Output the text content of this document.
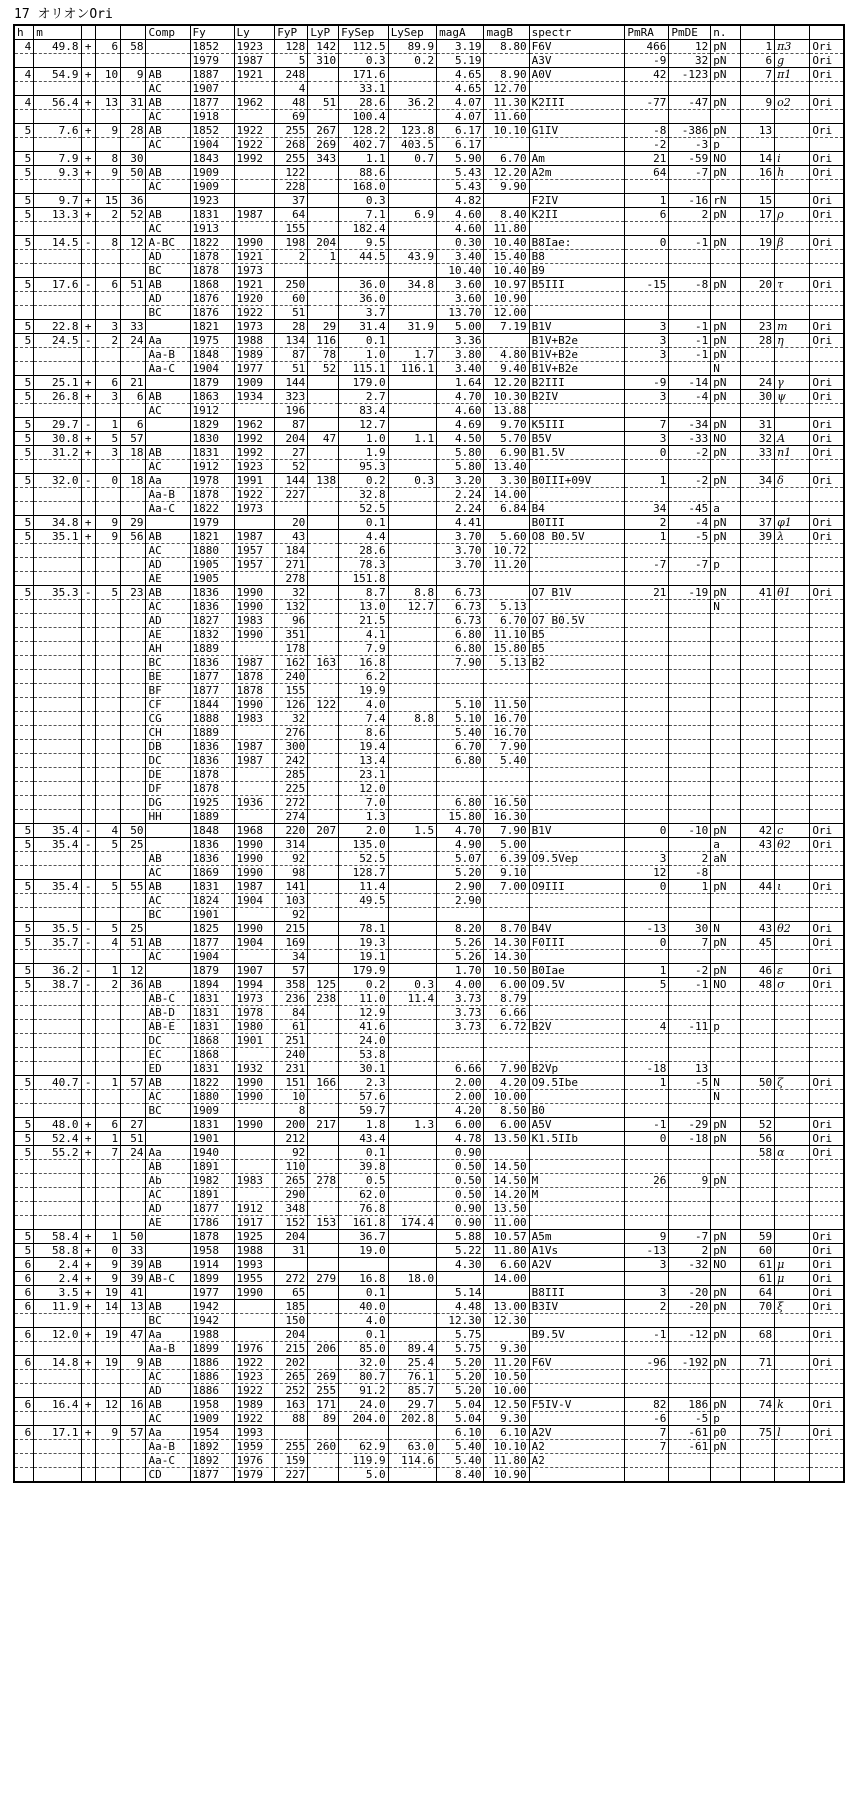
17 オリオンOri
h	m				Comp	Fy	Ly	FyP	LyP	FySep	LySep	magA	magB	spectr	PmRA	PmDE	n.			
4	49.8	+	6	58		1852	1923	128	142	112.5	89.9	3.19	8.80	F6V	466	12	pN	1	π3	Ori
						1979	1987	5	310	0.3	0.2	5.19		A3V	-9	32	pN	6	g	Ori
4	54.9	+	10	9	AB	1887	1921	248		171.6		4.65	8.90	A0V	42	-123	pN	7	π1	Ori
					AC	1907		4		33.1		4.65	12.70							
4	56.4	+	13	31	AB	1877	1962	48	51	28.6	36.2	4.07	11.30	K2III	-77	-47	pN	9	ο2	Ori
					AC	1918		69		100.4		4.07	11.60							
5	7.6	+	9	28	AB	1852	1922	255	267	128.2	123.8	6.17	10.10	G1IV	-8	-386	pN	13		Ori
					AC	1904	1922	268	269	402.7	403.5	6.17			-2	-3	p			
5	7.9	+	8	30		1843	1992	255	343	1.1	0.7	5.90	6.70	Am	21	-59	NO	14	i	Ori
5	9.3	+	9	50	AB	1909		122		88.6		5.43	12.20	A2m	64	-7	pN	16	h	Ori
					AC	1909		228		168.0		5.43	9.90							
5	9.7	+	15	36		1923		37		0.3		4.82		F2IV	1	-16	rN	15		Ori
5	13.3	+	2	52	AB	1831	1987	64		7.1	6.9	4.60	8.40	K2II	6	2	pN	17	ρ	Ori
					AC	1913		155		182.4		4.60	11.80							
5	14.5	-	8	12	A-BC	1822	1990	198	204	9.5		0.30	10.40	B8Iae:	0	-1	pN	19	β	Ori
					AD	1878	1921	2	1	44.5	43.9	3.40	15.40	B8						
					BC	1878	1973					10.40	10.40	B9						
5	17.6	-	6	51	AB	1868	1921	250		36.0	34.8	3.60	10.97	B5III	-15	-8	pN	20	τ	Ori
					AD	1876	1920	60		36.0		3.60	10.90							
					BC	1876	1922	51		3.7		13.70	12.00							
5	22.8	+	3	33		1821	1973	28	29	31.4	31.9	5.00	7.19	B1V	3	-1	pN	23	m	Ori
5	24.5	-	2	24	Aa	1975	1988	134	116	0.1		3.36		B1V+B2e	3	-1	pN	28	η	Ori
					Aa-B	1848	1989	87	78	1.0	1.7	3.80	4.80	B1V+B2e	3	-1	pN			
					Aa-C	1904	1977	51	52	115.1	116.1	3.40	9.40	B1V+B2e			N			
5	25.1	+	6	21		1879	1909	144		179.0		1.64	12.20	B2III	-9	-14	pN	24	γ	Ori
5	26.8	+	3	6	AB	1863	1934	323		2.7		4.70	10.30	B2IV	3	-4	pN	30	ψ	Ori
					AC	1912		196		83.4		4.60	13.88							
5	29.7	-	1	6		1829	1962	87		12.7		4.69	9.70	K5III	7	-34	pN	31		Ori
5	30.8	+	5	57		1830	1992	204	47	1.0	1.1	4.50	5.70	B5V	3	-33	NO	32	A	Ori
5	31.2	+	3	18	AB	1831	1992	27		1.9		5.80	6.90	B1.5V	0	-2	pN	33	n1	Ori
					AC	1912	1923	52		95.3		5.80	13.40							
5	32.0	-	0	18	Aa	1978	1991	144	138	0.2	0.3	3.20	3.30	B0III+09V	1	-2	pN	34	δ	Ori
					Aa-B	1878	1922	227		32.8		2.24	14.00							
					Aa-C	1822	1973			52.5		2.24	6.84	B4	34	-45	a			
5	34.8	+	9	29		1979		20		0.1		4.41		B0III	2	-4	pN	37	φ1	Ori
5	35.1	+	9	56	AB	1821	1987	43		4.4		3.70	5.60	O8 B0.5V	1	-5	pN	39	λ	Ori
					AC	1880	1957	184		28.6		3.70	10.72							
					AD	1905	1957	271		78.3		3.70	11.20		-7	-7	p			
					AE	1905		278		151.8										
5	35.3	-	5	23	AB	1836	1990	32		8.7	8.8	6.73		O7 B1V	21	-19	pN	41	θ1	Ori
					AC	1836	1990	132		13.0	12.7	6.73	5.13				N			
					AD	1827	1983	96		21.5		6.73	6.70	O7 B0.5V						
					AE	1832	1990	351		4.1		6.80	11.10	B5						
					AH	1889		178		7.9		6.80	15.80	B5						
					BC	1836	1987	162	163	16.8		7.90	5.13	B2						
					BE	1877	1878	240		6.2										
					BF	1877	1878	155		19.9										
					CF	1844	1990	126	122	4.0		5.10	11.50							
					CG	1888	1983	32		7.4	8.8	5.10	16.70							
					CH	1889		276		8.6		5.40	16.70							
					DB	1836	1987	300		19.4		6.70	7.90							
					DC	1836	1987	242		13.4		6.80	5.40							
					DE	1878		285		23.1										
					DF	1878		225		12.0										
					DG	1925	1936	272		7.0		6.80	16.50							
					HH	1889		274		1.3		15.80	16.30							
5	35.4	-	4	50		1848	1968	220	207	2.0	1.5	4.70	7.90	B1V	0	-10	pN	42	c	Ori
5	35.4	-	5	25		1836	1990	314		135.0		4.90	5.00				a	43	θ2	Ori
					AB	1836	1990	92		52.5		5.07	6.39	O9.5Vep	3	2	aN			
					AC	1869	1990	98		128.7		5.20	9.10		12	-8				
5	35.4	-	5	55	AB	1831	1987	141		11.4		2.90	7.00	O9III	0	1	pN	44	ι	Ori
					AC	1824	1904	103		49.5		2.90								
					BC	1901		92												
5	35.5	-	5	25		1825	1990	215		78.1		8.20	8.70	B4V	-13	30	N	43	θ2	Ori
5	35.7	-	4	51	AB	1877	1904	169		19.3		5.26	14.30	F0III	0	7	pN	45		Ori
					AC	1904		34		19.1		5.26	14.30							
5	36.2	-	1	12		1879	1907	57		179.9		1.70	10.50	B0Iae	1	-2	pN	46	ε	Ori
5	38.7	-	2	36	AB	1894	1994	358	125	0.2	0.3	4.00	6.00	O9.5V	5	-1	NO	48	σ	Ori
					AB-C	1831	1973	236	238	11.0	11.4	3.73	8.79							
					AB-D	1831	1978	84		12.9		3.73	6.66							
					AB-E	1831	1980	61		41.6		3.73	6.72	B2V	4	-11	p			
					DC	1868	1901	251		24.0										
					EC	1868		240		53.8										
					ED	1831	1932	231		30.1		6.66	7.90	B2Vp	-18	13				
5	40.7	-	1	57	AB	1822	1990	151	166	2.3		2.00	4.20	O9.5Ibe	1	-5	N	50	ζ	Ori
					AC	1880	1990	10		57.6		2.00	10.00				N			
					BC	1909		8		59.7		4.20	8.50	B0						
5	48.0	+	6	27		1831	1990	200	217	1.8	1.3	6.00	6.00	A5V	-1	-29	pN	52		Ori
5	52.4	+	1	51		1901		212		43.4		4.78	13.50	K1.5IIb	0	-18	pN	56		Ori
5	55.2	+	7	24	Aa	1940		92		0.1		0.90						58	α	Ori
					AB	1891		110		39.8		0.50	14.50							
					Ab	1982	1983	265	278	0.5		0.50	14.50	M	26	9	pN			
					AC	1891		290		62.0		0.50	14.20	M						
					AD	1877	1912	348		76.8		0.90	13.50							
					AE	1786	1917	152	153	161.8	174.4	0.90	11.00							
5	58.4	+	1	50		1878	1925	204		36.7		5.88	10.57	A5m	9	-7	pN	59		Ori
5	58.8	+	0	33		1958	1988	31		19.0		5.22	11.80	A1Vs	-13	2	pN	60		Ori
6	2.4	+	9	39	AB	1914	1993					4.30	6.60	A2V	3	-32	NO	61	μ	Ori
6	2.4	+	9	39	AB-C	1899	1955	272	279	16.8	18.0		14.00					61	μ	Ori
6	3.5	+	19	41		1977	1990	65		0.1		5.14		B8III	3	-20	pN	64		Ori
6	11.9	+	14	13	AB	1942		185		40.0		4.48	13.00	B3IV	2	-20	pN	70	ξ	Ori
					BC	1942		150		4.0		12.30	12.30							
6	12.0	+	19	47	Aa	1988		204		0.1		5.75		B9.5V	-1	-12	pN	68		Ori
					Aa-B	1899	1976	215	206	85.0	89.4	5.75	9.30							
6	14.8	+	19	9	AB	1886	1922	202		32.0	25.4	5.20	11.20	F6V	-96	-192	pN	71		Ori
					AC	1886	1923	265	269	80.7	76.1	5.20	10.50							
					AD	1886	1922	252	255	91.2	85.7	5.20	10.00							
6	16.4	+	12	16	AB	1958	1989	163	171	24.0	29.7	5.04	12.50	F5IV-V	82	186	pN	74	k	Ori
					AC	1909	1922	88	89	204.0	202.8	5.04	9.30		-6	-5	p			
6	17.1	+	9	57	Aa	1954	1993					6.10	6.10	A2V	7	-61	p0	75	l	Ori
					Aa-B	1892	1959	255	260	62.9	63.0	5.40	10.10	A2	7	-61	pN			
					Aa-C	1892	1976	159		119.9	114.6	5.40	11.80	A2						
					CD	1877	1979	227		5.0		8.40	10.90							
